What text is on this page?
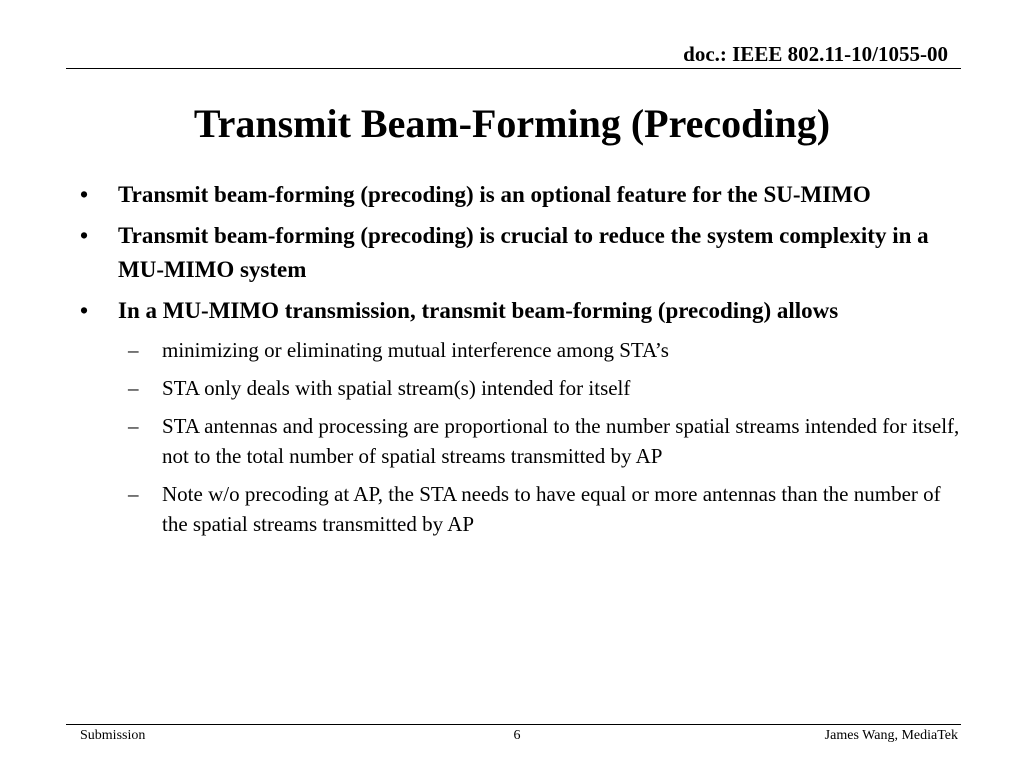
doc.: IEEE 802.11-10/1055-00
Transmit Beam-Forming (Precoding)
• Transmit beam-forming (precoding) is an optional feature for the SU-MIMO
• Transmit beam-forming (precoding) is crucial to reduce the system complexity in a MU-MIMO system
• In a MU-MIMO transmission, transmit beam-forming (precoding) allows
– minimizing or eliminating mutual interference among STA’s
– STA only deals with spatial stream(s) intended for itself
– STA antennas and processing are proportional to the number spatial streams intended for itself, not to the total number of spatial streams transmitted by AP
– Note w/o precoding at AP, the STA needs to have equal or more antennas than the number of the spatial streams transmitted by AP
Submission	6	James Wang, MediaTek
